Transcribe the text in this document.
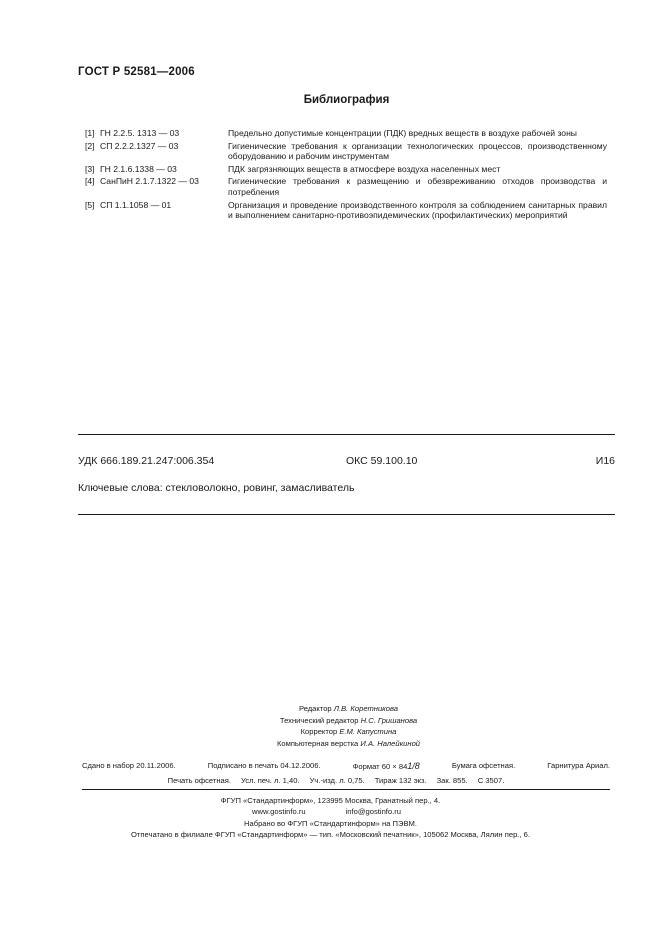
ГОСТ Р 52581—2006
Библиография
[1] ГН 2.2.5. 1313 — 03	Предельно допустимые концентрации (ПДК) вредных веществ в воздухе рабочей зоны
[2] СП 2.2.2.1327 — 03	Гигиенические требования к организации технологических процессов, производственному оборудованию и рабочим инструментам
[3] ГН 2.1.6.1338 — 03	ПДК загрязняющих веществ в атмосфере воздуха населенных мест
[4] СанПиН 2.1.7.1322 — 03	Гигиенические требования к размещению и обезвреживанию отходов производства и потребления
[5] СП 1.1.1058 — 01	Организация и проведение производственного контроля за соблюдением санитарных правил и выполнением санитарно-противоэпидемических (профилактических) мероприятий
УДК 666.189.21.247:006.354	ОКС 59.100.10	И16
Ключевые слова: стекловолокно, ровинг, замасливатель
Редактор Л.В. Коретникова
Технический редактор Н.С. Гришанова
Корректор Е.М. Капустина
Компьютерная верстка И.А. Налейкиной
Сдано в набор 20.11.2006.	Подписано в печать 04.12.2006.	Формат 60 × 841/8	Бумага офсетная.	Гарнитура Ариал.
Печать офсетная. Усл. печ. л. 1,40. Уч.-изд. л. 0,75. Тираж 132 экз. Зак. 855. С 3507.
ФГУП «Стандартинформ», 123995 Москва, Гранатный пер., 4.
www.gostinfo.ru	info@gostinfo.ru
Набрано во ФГУП «Стандартинформ» на ПЭВМ.
Отпечатано в филиале ФГУП «Стандартинформ» — тип. «Московский печатник», 105062 Москва, Лялин пер., 6.
